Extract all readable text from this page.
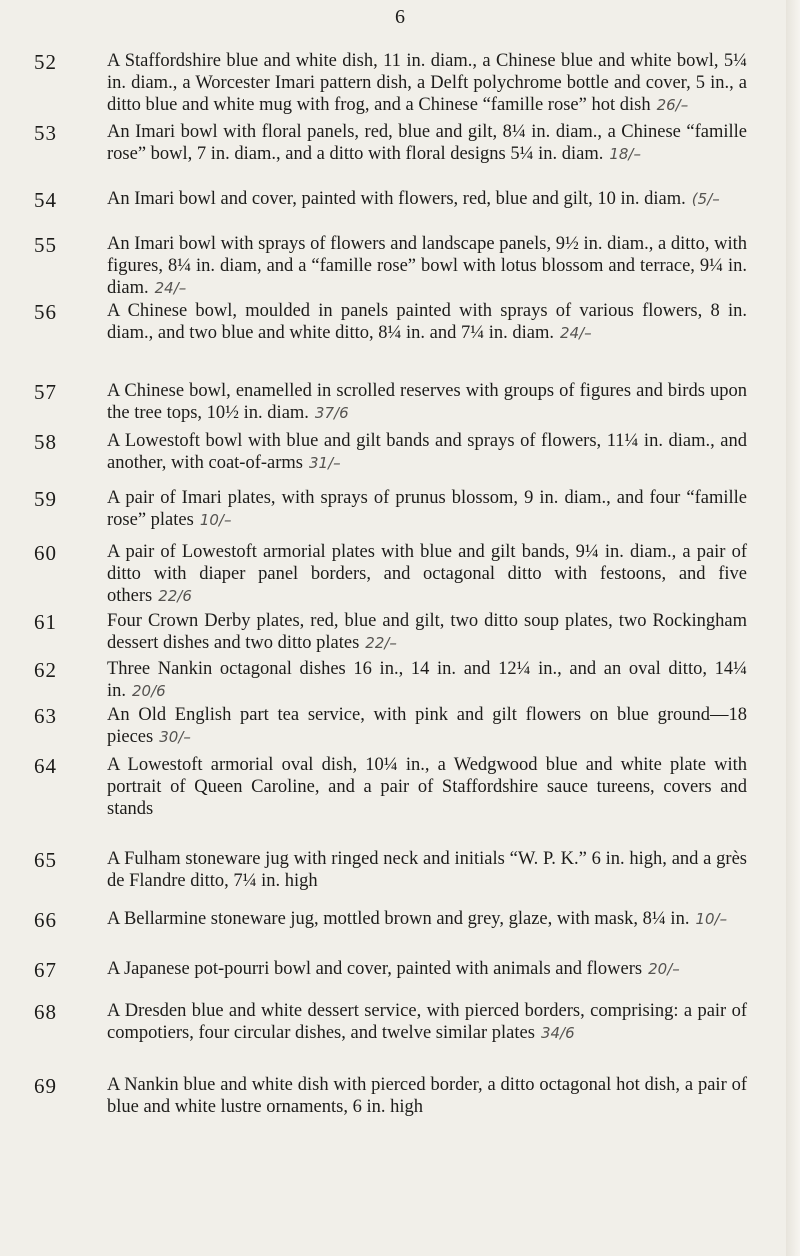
6
52	A Staffordshire blue and white dish, 11 in. diam., a Chinese blue and white bowl, 5¼ in. diam., a Worcester Imari pattern dish, a Delft polychrome bottle and cover, 5 in., a ditto blue and white mug with frog, and a Chinese “famille rose” hot dish 26/–
53	An Imari bowl with floral panels, red, blue and gilt, 8¼ in. diam., a Chinese “famille rose” bowl, 7 in. diam., and a ditto with floral designs 5¼ in. diam. 18/–
54	An Imari bowl and cover, painted with flowers, red, blue and gilt, 10 in. diam. (5/–
55	An Imari bowl with sprays of flowers and landscape panels, 9½ in. diam., a ditto, with figures, 8¼ in. diam, and a “famille rose” bowl with lotus blossom and terrace, 9¼ in. diam. 24/–
56	A Chinese bowl, moulded in panels painted with sprays of various flowers, 8 in. diam., and two blue and white ditto, 8¼ in. and 7¼ in. diam. 24/–
57	A Chinese bowl, enamelled in scrolled reserves with groups of figures and birds upon the tree tops, 10½ in. diam. 37/6
58	A Lowestoft bowl with blue and gilt bands and sprays of flowers, 11¼ in. diam., and another, with coat-of-arms 31/–
59	A pair of Imari plates, with sprays of prunus blossom, 9 in. diam., and four “famille rose” plates 10/–
60	A pair of Lowestoft armorial plates with blue and gilt bands, 9¼ in. diam., a pair of ditto with diaper panel borders, and octagonal ditto with festoons, and five others 22/6
61	Four Crown Derby plates, red, blue and gilt, two ditto soup plates, two Rockingham dessert dishes and two ditto plates 22/–
62	Three Nankin octagonal dishes 16 in., 14 in. and 12¼ in., and an oval ditto, 14¼ in. 20/6
63	An Old English part tea service, with pink and gilt flowers on blue ground—18 pieces 30/–
64	A Lowestoft armorial oval dish, 10¼ in., a Wedgwood blue and white plate with portrait of Queen Caroline, and a pair of Staffordshire sauce tureens, covers and stands
65	A Fulham stoneware jug with ringed neck and initials “W. P. K.” 6 in. high, and a grès de Flandre ditto, 7¼ in. high
66	A Bellarmine stoneware jug, mottled brown and grey, glaze, with mask, 8¼ in. 10/–
67	A Japanese pot-pourri bowl and cover, painted with animals and flowers 20/–
68	A Dresden blue and white dessert service, with pierced borders, comprising: a pair of compotiers, four circular dishes, and twelve similar plates 34/6
69	A Nankin blue and white dish with pierced border, a ditto octagonal hot dish, a pair of blue and white lustre ornaments, 6 in. high
